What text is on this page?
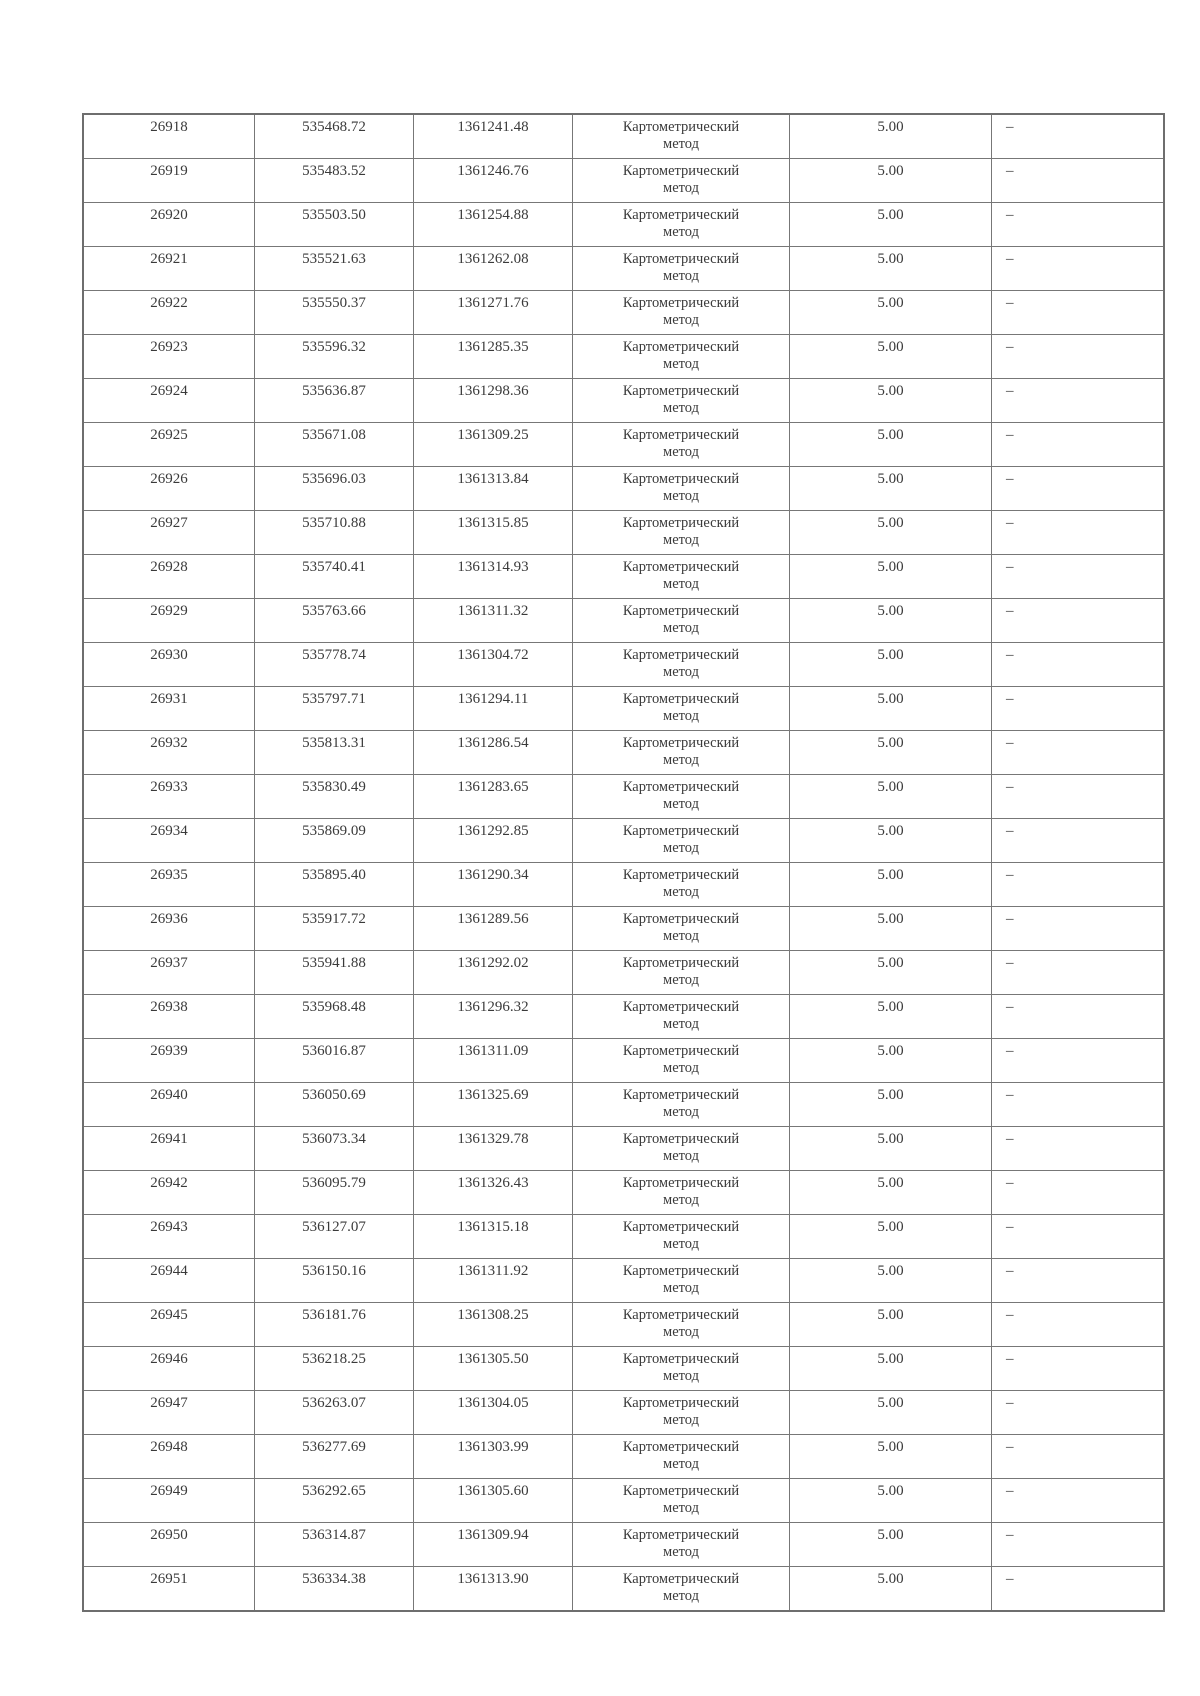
26918	535468.72	1361241.48	Картометрический
метод	5.00	–
26919	535483.52	1361246.76	Картометрический
метод	5.00	–
26920	535503.50	1361254.88	Картометрический
метод	5.00	–
26921	535521.63	1361262.08	Картометрический
метод	5.00	–
26922	535550.37	1361271.76	Картометрический
метод	5.00	–
26923	535596.32	1361285.35	Картометрический
метод	5.00	–
26924	535636.87	1361298.36	Картометрический
метод	5.00	–
26925	535671.08	1361309.25	Картометрический
метод	5.00	–
26926	535696.03	1361313.84	Картометрический
метод	5.00	–
26927	535710.88	1361315.85	Картометрический
метод	5.00	–
26928	535740.41	1361314.93	Картометрический
метод	5.00	–
26929	535763.66	1361311.32	Картометрический
метод	5.00	–
26930	535778.74	1361304.72	Картометрический
метод	5.00	–
26931	535797.71	1361294.11	Картометрический
метод	5.00	–
26932	535813.31	1361286.54	Картометрический
метод	5.00	–
26933	535830.49	1361283.65	Картометрический
метод	5.00	–
26934	535869.09	1361292.85	Картометрический
метод	5.00	–
26935	535895.40	1361290.34	Картометрический
метод	5.00	–
26936	535917.72	1361289.56	Картометрический
метод	5.00	–
26937	535941.88	1361292.02	Картометрический
метод	5.00	–
26938	535968.48	1361296.32	Картометрический
метод	5.00	–
26939	536016.87	1361311.09	Картометрический
метод	5.00	–
26940	536050.69	1361325.69	Картометрический
метод	5.00	–
26941	536073.34	1361329.78	Картометрический
метод	5.00	–
26942	536095.79	1361326.43	Картометрический
метод	5.00	–
26943	536127.07	1361315.18	Картометрический
метод	5.00	–
26944	536150.16	1361311.92	Картометрический
метод	5.00	–
26945	536181.76	1361308.25	Картометрический
метод	5.00	–
26946	536218.25	1361305.50	Картометрический
метод	5.00	–
26947	536263.07	1361304.05	Картометрический
метод	5.00	–
26948	536277.69	1361303.99	Картометрический
метод	5.00	–
26949	536292.65	1361305.60	Картометрический
метод	5.00	–
26950	536314.87	1361309.94	Картометрический
метод	5.00	–
26951	536334.38	1361313.90	Картометрический
метод	5.00	–
